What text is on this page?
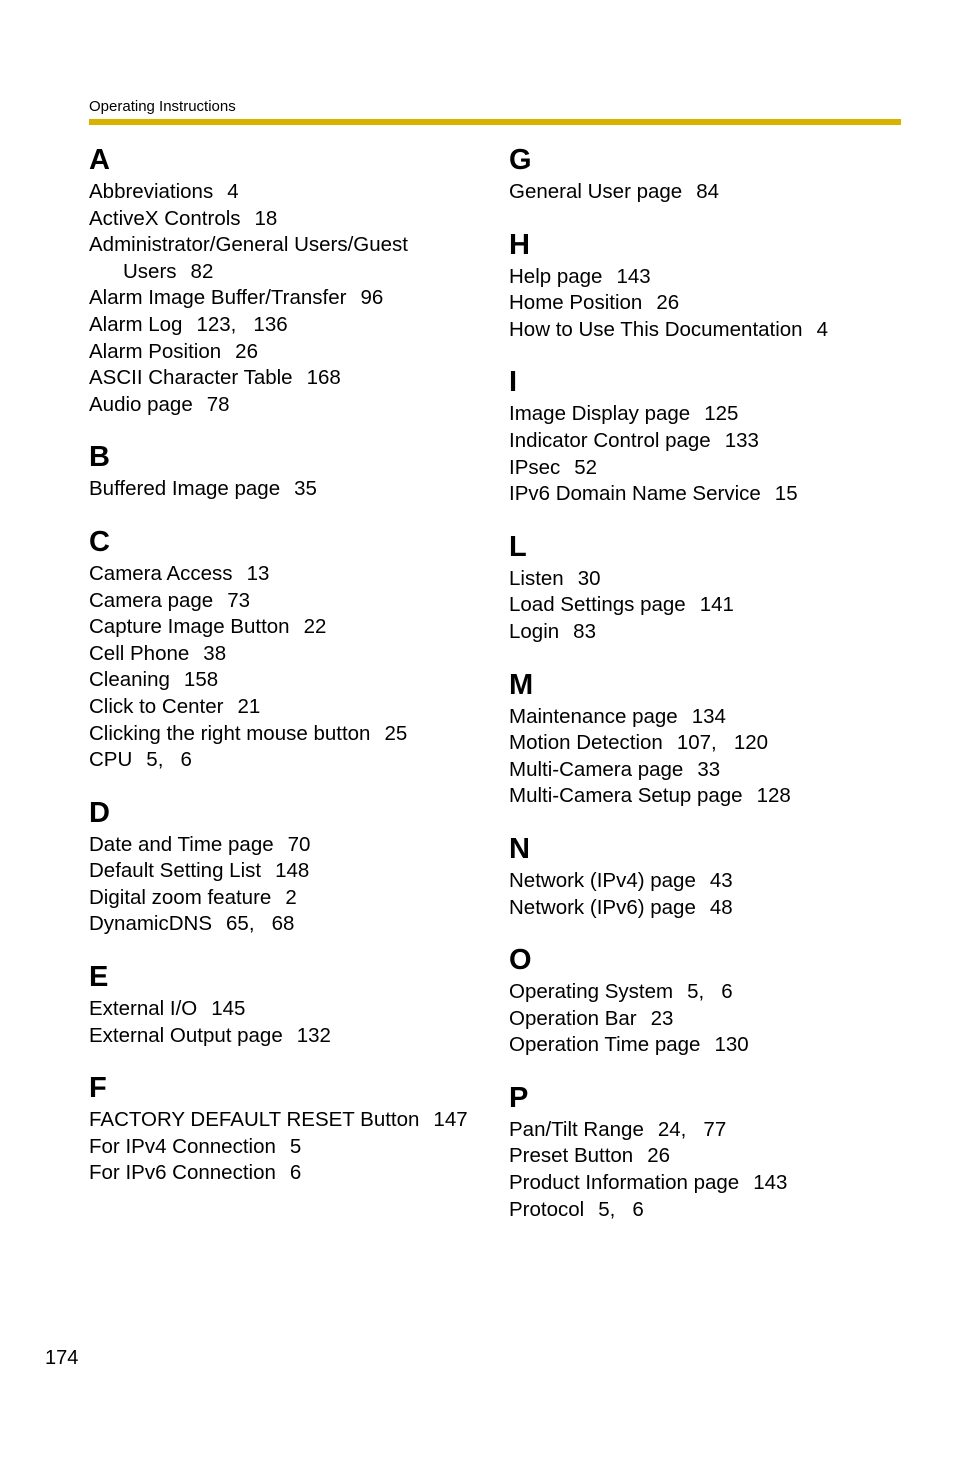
Operating Instructions
A
Abbreviations 4
ActiveX Controls 18
Administrator/General Users/Guest Users 82
Alarm Image Buffer/Transfer 96
Alarm Log 123,   136
Alarm Position 26
ASCII Character Table 168
Audio page 78
B
Buffered Image page 35
C
Camera Access 13
Camera page 73
Capture Image Button 22
Cell Phone 38
Cleaning 158
Click to Center 21
Clicking the right mouse button 25
CPU 5,   6
D
Date and Time page 70
Default Setting List 148
Digital zoom feature 2
DynamicDNS 65,   68
E
External I/O 145
External Output page 132
F
FACTORY DEFAULT RESET Button 147
For IPv4 Connection 5
For IPv6 Connection 6
G
General User page 84
H
Help page 143
Home Position 26
How to Use This Documentation 4
I
Image Display page 125
Indicator Control page 133
IPsec 52
IPv6 Domain Name Service 15
L
Listen 30
Load Settings page 141
Login 83
M
Maintenance page 134
Motion Detection 107,   120
Multi-Camera page 33
Multi-Camera Setup page 128
N
Network (IPv4) page 43
Network (IPv6) page 48
O
Operating System 5,   6
Operation Bar 23
Operation Time page 130
P
Pan/Tilt Range 24,   77
Preset Button 26
Product Information page 143
Protocol 5,   6
174
